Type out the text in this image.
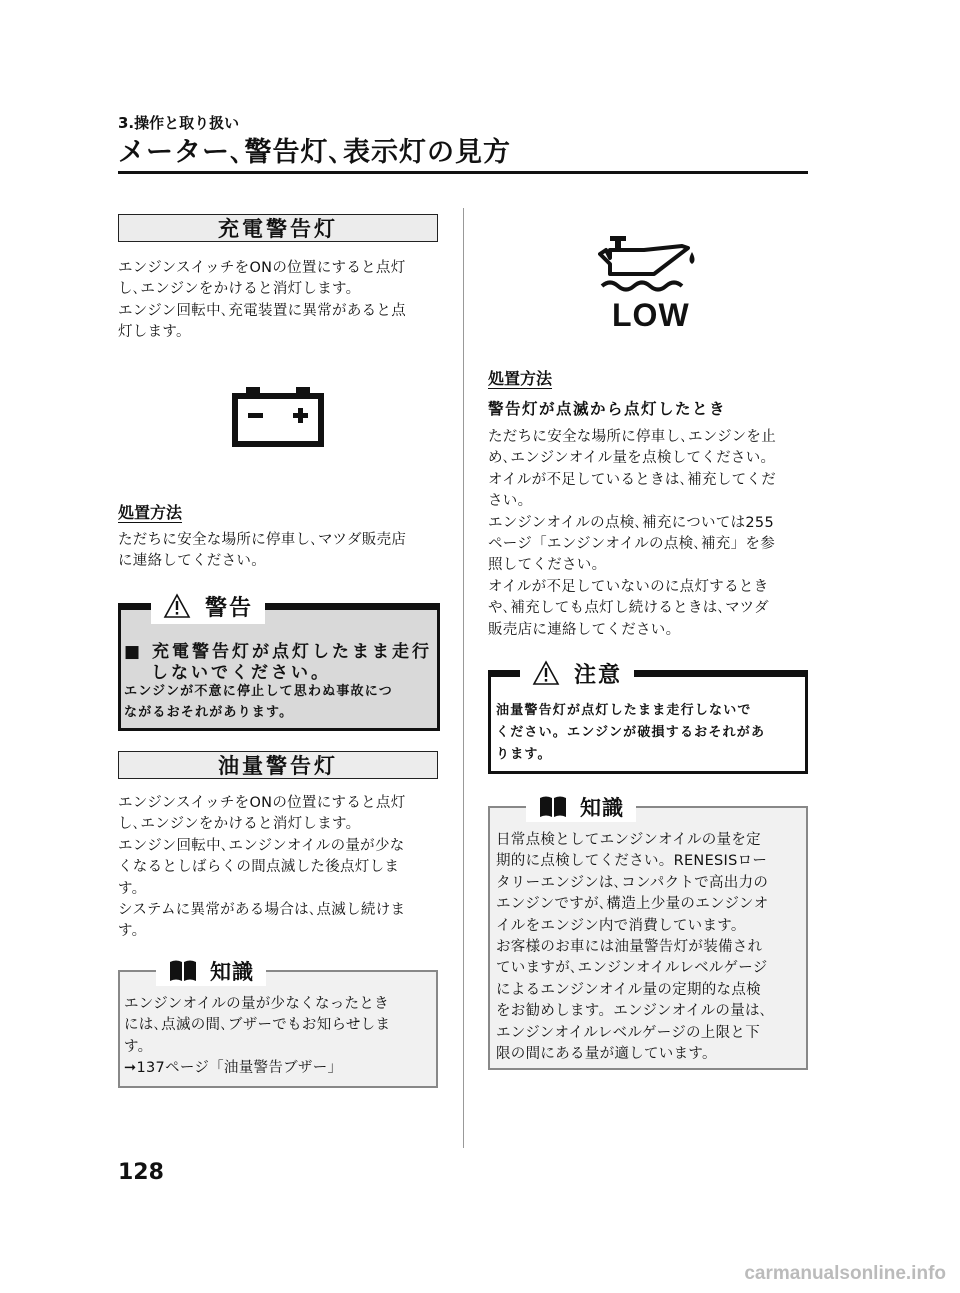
3.操作と取り扱い
メーター､警告灯､表示灯の見方
充電警告灯
エンジンスイッチをONの位置にすると点灯
し､エンジンをかけると消灯します。
エンジン回転中､充電装置に異常があると点
灯します。
処置方法
ただちに安全な場所に停車し､マツダ販売店
に連絡してください。
警告
■ 充電警告灯が点灯したまま走行
しないでください。
エンジンが不意に停止して思わぬ事故につ
ながるおそれがあります。
油量警告灯
エンジンスイッチをONの位置にすると点灯
し､エンジンをかけると消灯します。
エンジン回転中､エンジンオイルの量が少な
くなるとしばらくの間点滅した後点灯しま
す。
システムに異常がある場合は､点滅し続けま
す。
知識
エンジンオイルの量が少なくなったとき
には､点滅の間､ブザーでもお知らせしま
す。
➞137ページ「油量警告ブザー」
LOW
処置方法
警告灯が点滅から点灯したとき
ただちに安全な場所に停車し､エンジンを止
め､エンジンオイル量を点検してください。
オイルが不足しているときは､補充してくだ
さい。
エンジンオイルの点検､補充については255
ページ「エンジンオイルの点検､補充」を参
照してください。
オイルが不足していないのに点灯するとき
や､補充しても点灯し続けるときは､マツダ
販売店に連絡してください。
注意
油量警告灯が点灯したまま走行しないで
ください。エンジンが破損するおそれがあ
ります。
知識
日常点検としてエンジンオイルの量を定
期的に点検してください。RENESISロー
タリーエンジンは､コンパクトで高出力の
エンジンですが､構造上少量のエンジンオ
イルをエンジン内で消費しています。
お客様のお車には油量警告灯が装備され
ていますが､エンジンオイルレベルゲージ
によるエンジンオイル量の定期的な点検
をお勧めします。エンジンオイルの量は､
エンジンオイルレベルゲージの上限と下
限の間にある量が適しています。
128
carmanualsonline.info
